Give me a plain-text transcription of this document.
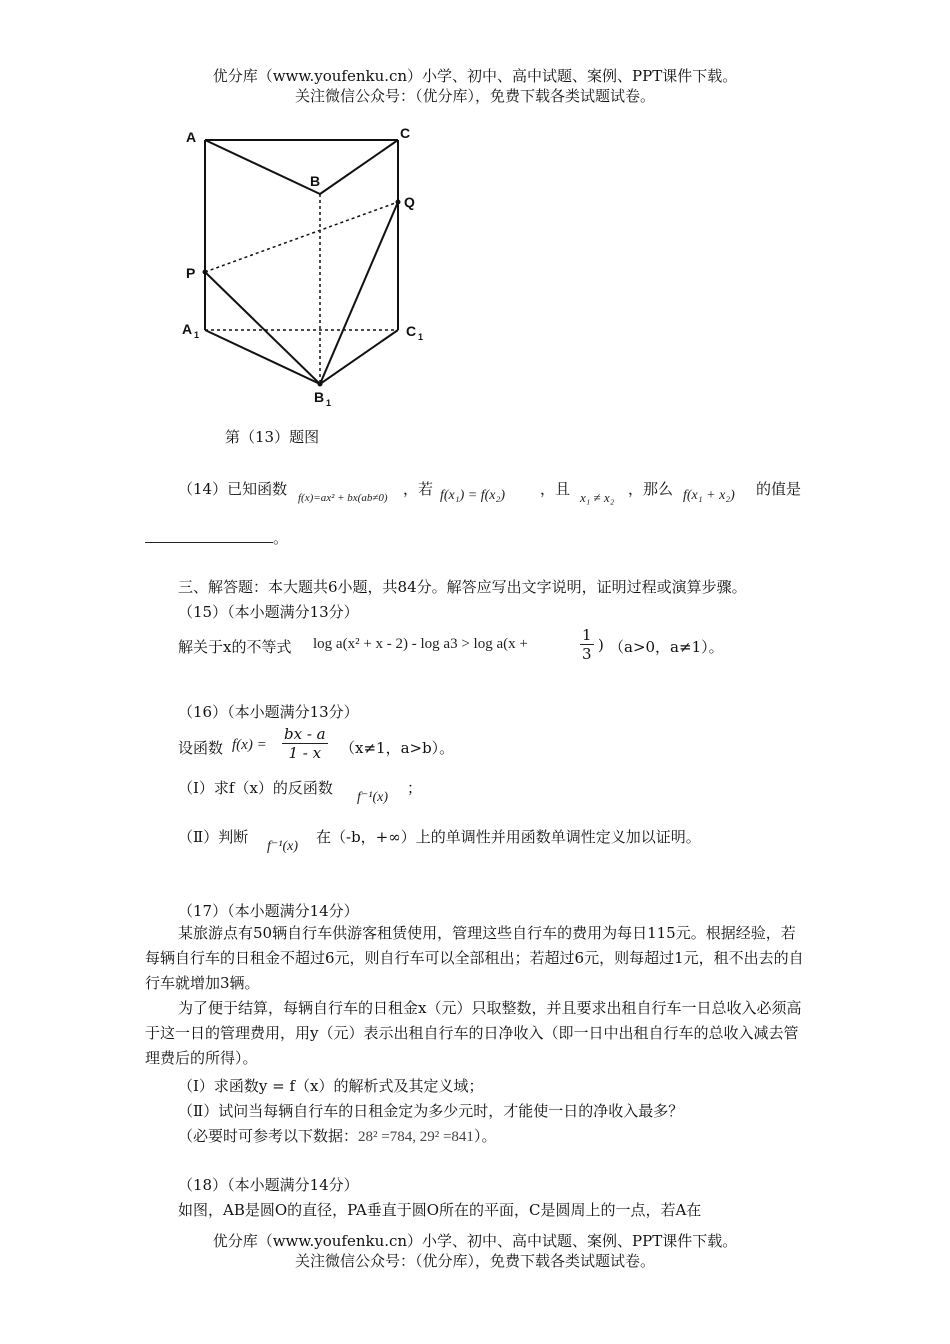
优分库（www.youfenku.cn）小学、初中、高中试题、案例、PPT课件下载。
关注微信公众号：（优分库），免费下载各类试题试卷。
A	C
B
Q
P
A 1	C 1
B 1
第（13）题图
（14）已知函数 f(x)=ax² + bx(ab≠0) ，若 f(x₁) = f(x₂) ，且 x₁ ≠ x₂ ，那么 f(x₁ + x₂) 的值是
。
三、解答题：本大题共6小题，共84分。解答应写出文字说明，证明过程或演算步骤。
（15）（本小题满分13分）
解关于x的不等式 log a(x² + x - 2) - log a3 > log a(x +	$\frac{1}{3}$ ) （a>0，a≠1）。
（16）（本小题满分13分）
设函数 $f(x) = \frac{bx - a}{1 - x} (x\ne 1$，a>b）。
（I）求f（x）的反函数
f⁻¹(x)
；
（Ⅱ）判断
f⁻¹(x)
在（-b，+∞）上的单调性并用函数单调性定义加以证明。
（17）（本小题满分14分）
某旅游点有50辆自行车供游客租赁使用，管理这些自行车的费用为每日115元。根据经验，若每辆自行车的日租金不超过6元，则自行车可以全部租出；若超过6元，则每超过1元，租不出去的自行车就增加3辆。
为了便于结算，每辆自行车的日租金x（元）只取整数，并且要求出租自行车一日总收入必须高于这一日的管理费用，用y（元）表示出租自行车的日净收入（即一日中出租自行车的总收入减去管理费后的所得）。
（I）求函数y = f（x）的解析式及其定义域；
（Ⅱ）试问当每辆自行车的日租金定为多少元时，才能使一日的净收入最多？
（必要时可参考以下数据：28² =784, 29² =841）。
（18）（本小题满分14分）
如图，AB是圆O的直径，PA垂直于圆O所在的平面，C是圆周上的一点，若A在
优分库（www.youfenku.cn）小学、初中、高中试题、案例、PPT课件下载。
关注微信公众号：（优分库），免费下载各类试题试卷。
